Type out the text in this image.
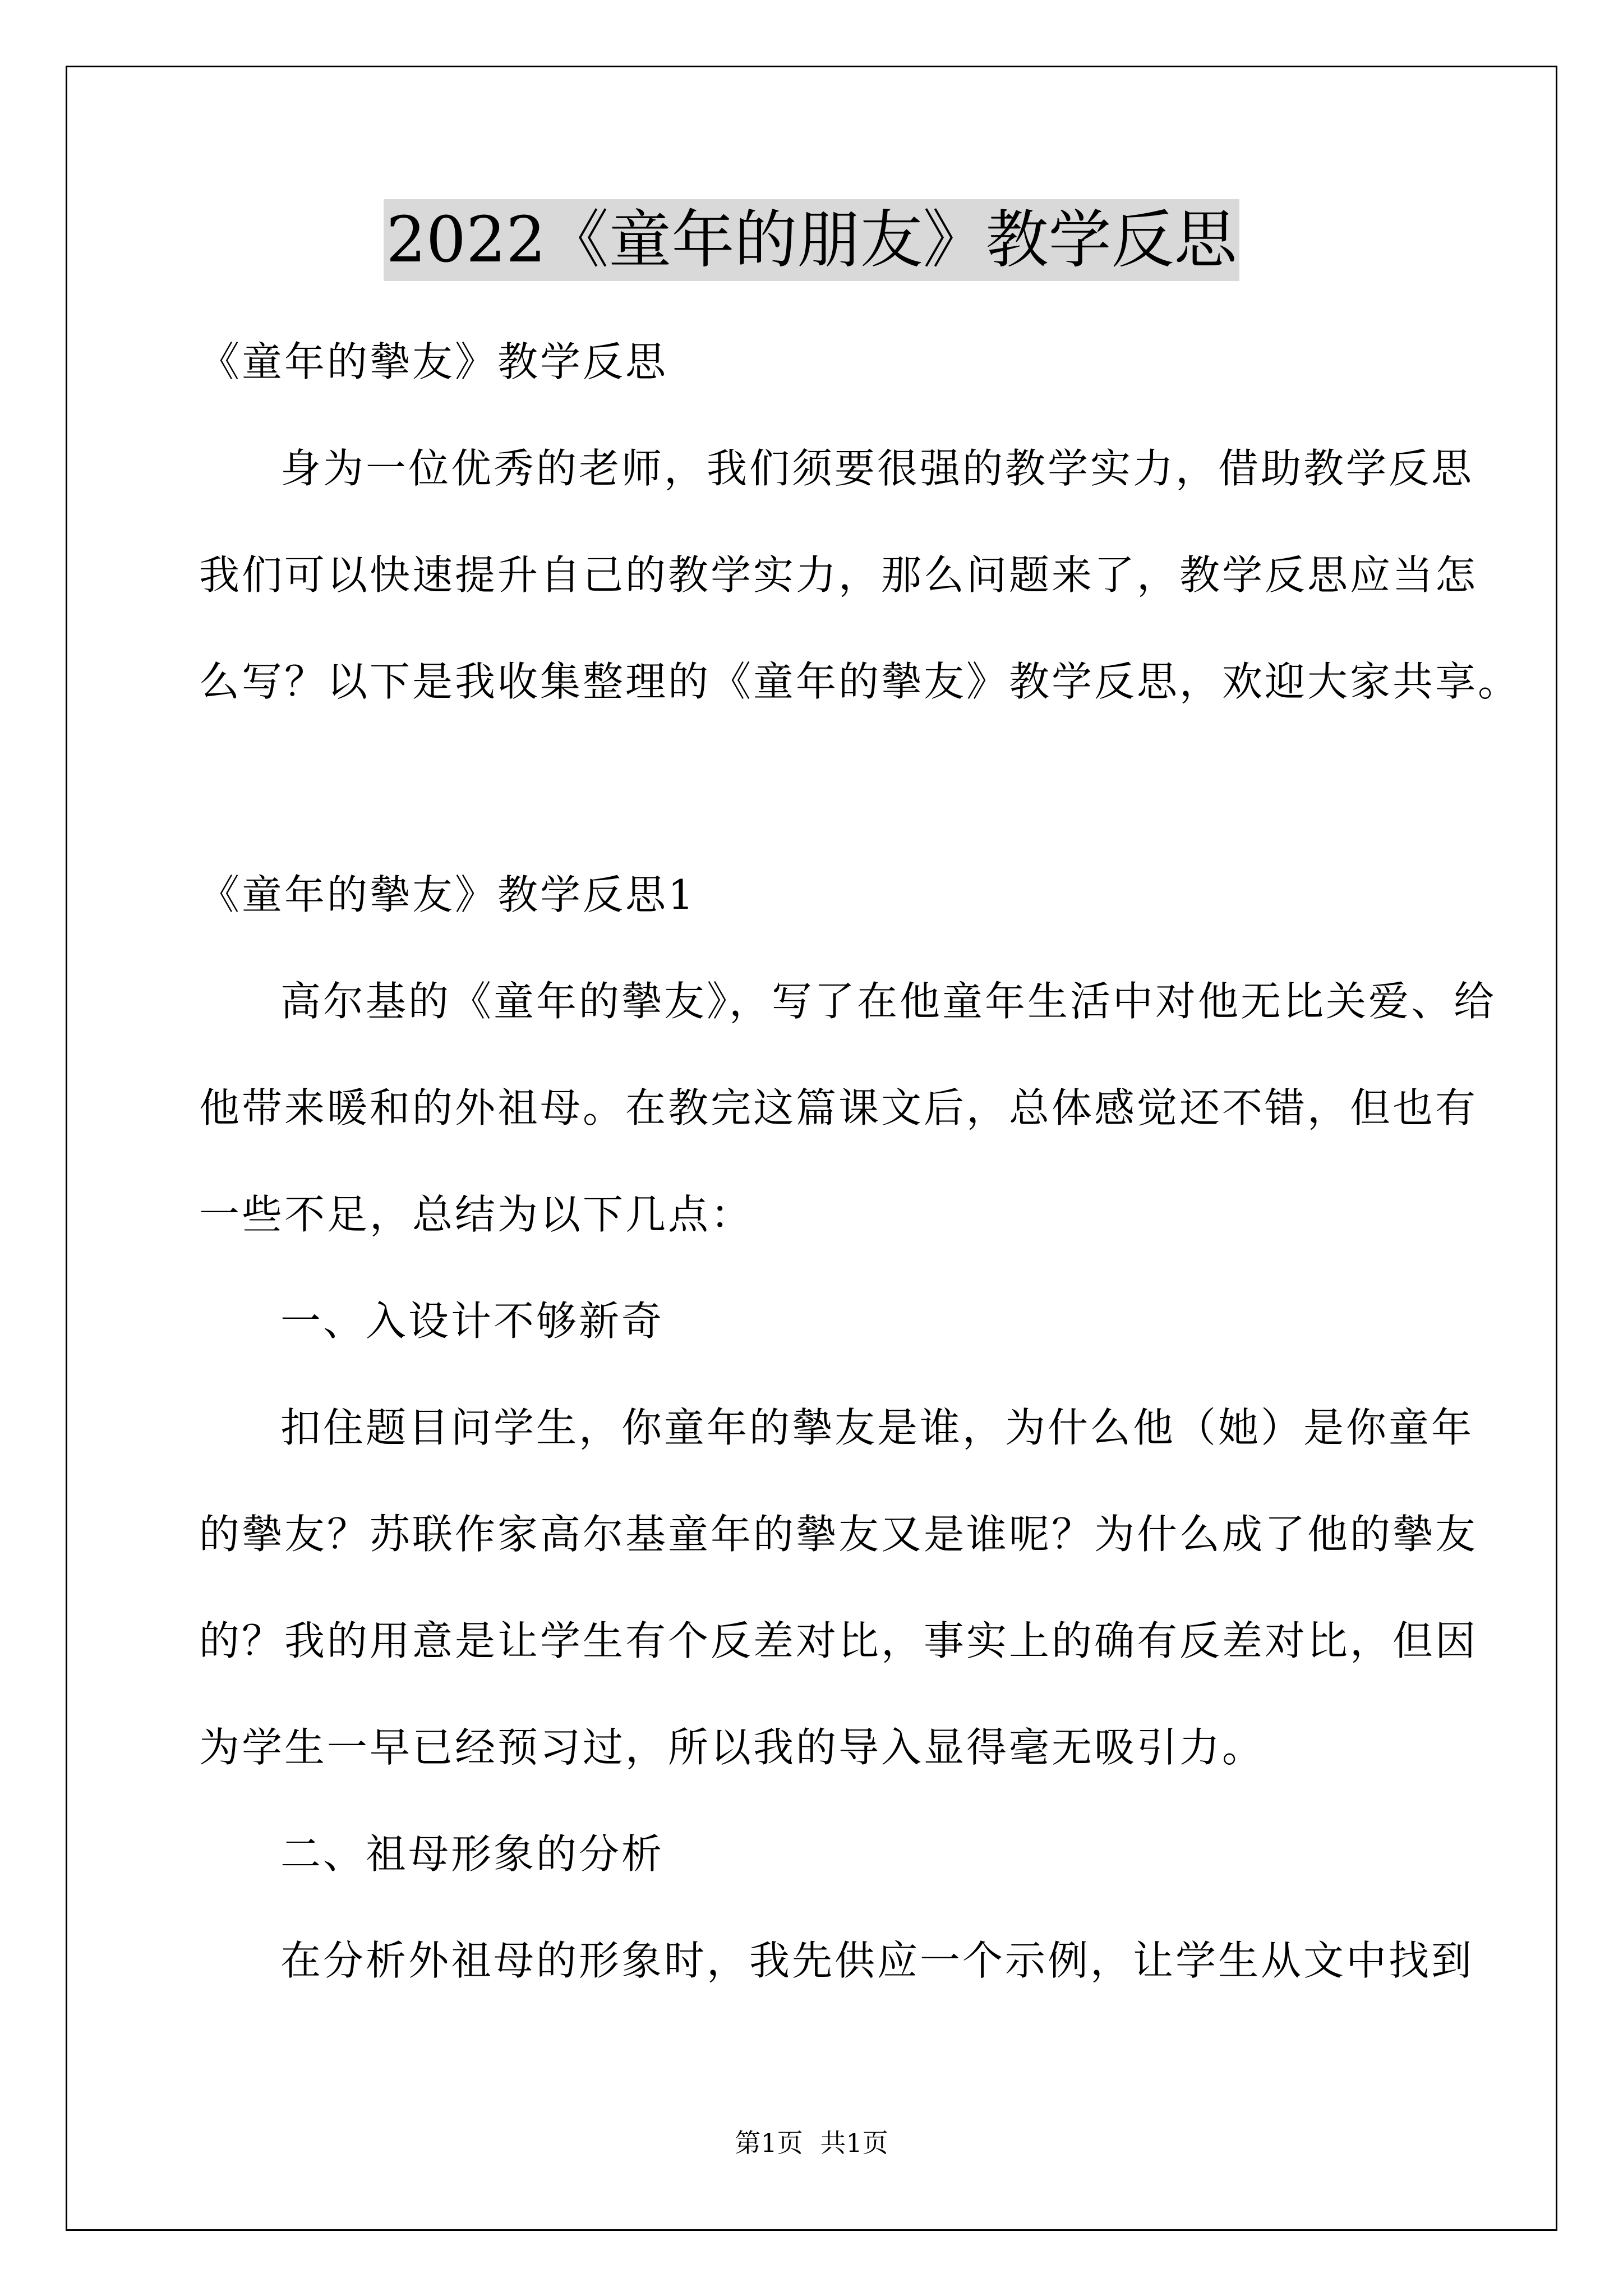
2022《童年的朋友》教学反思
《童年的摰友》教学反思
身为一位优秀的老师，我们须要很强的教学实力，借助教学反思
我们可以快速提升自己的教学实力，那么问题来了，教学反思应当怎
么写？以下是我收集整理的《童年的摰友》教学反思，欢迎大家共享。
《童年的摰友》教学反思1
高尔基的《童年的摰友》，写了在他童年生活中对他无比关爱、给
他带来暖和的外祖母。在教完这篇课文后，总体感觉还不错，但也有
一些不足，总结为以下几点：
一、入设计不够新奇
扣住题目问学生，你童年的摰友是谁，为什么他（她）是你童年
的摰友？苏联作家高尔基童年的摰友又是谁呢？为什么成了他的摰友
的？我的用意是让学生有个反差对比，事实上的确有反差对比，但因
为学生一早已经预习过，所以我的导入显得毫无吸引力。
二、祖母形象的分析
在分析外祖母的形象时，我先供应一个示例，让学生从文中找到
第1页 共1页
